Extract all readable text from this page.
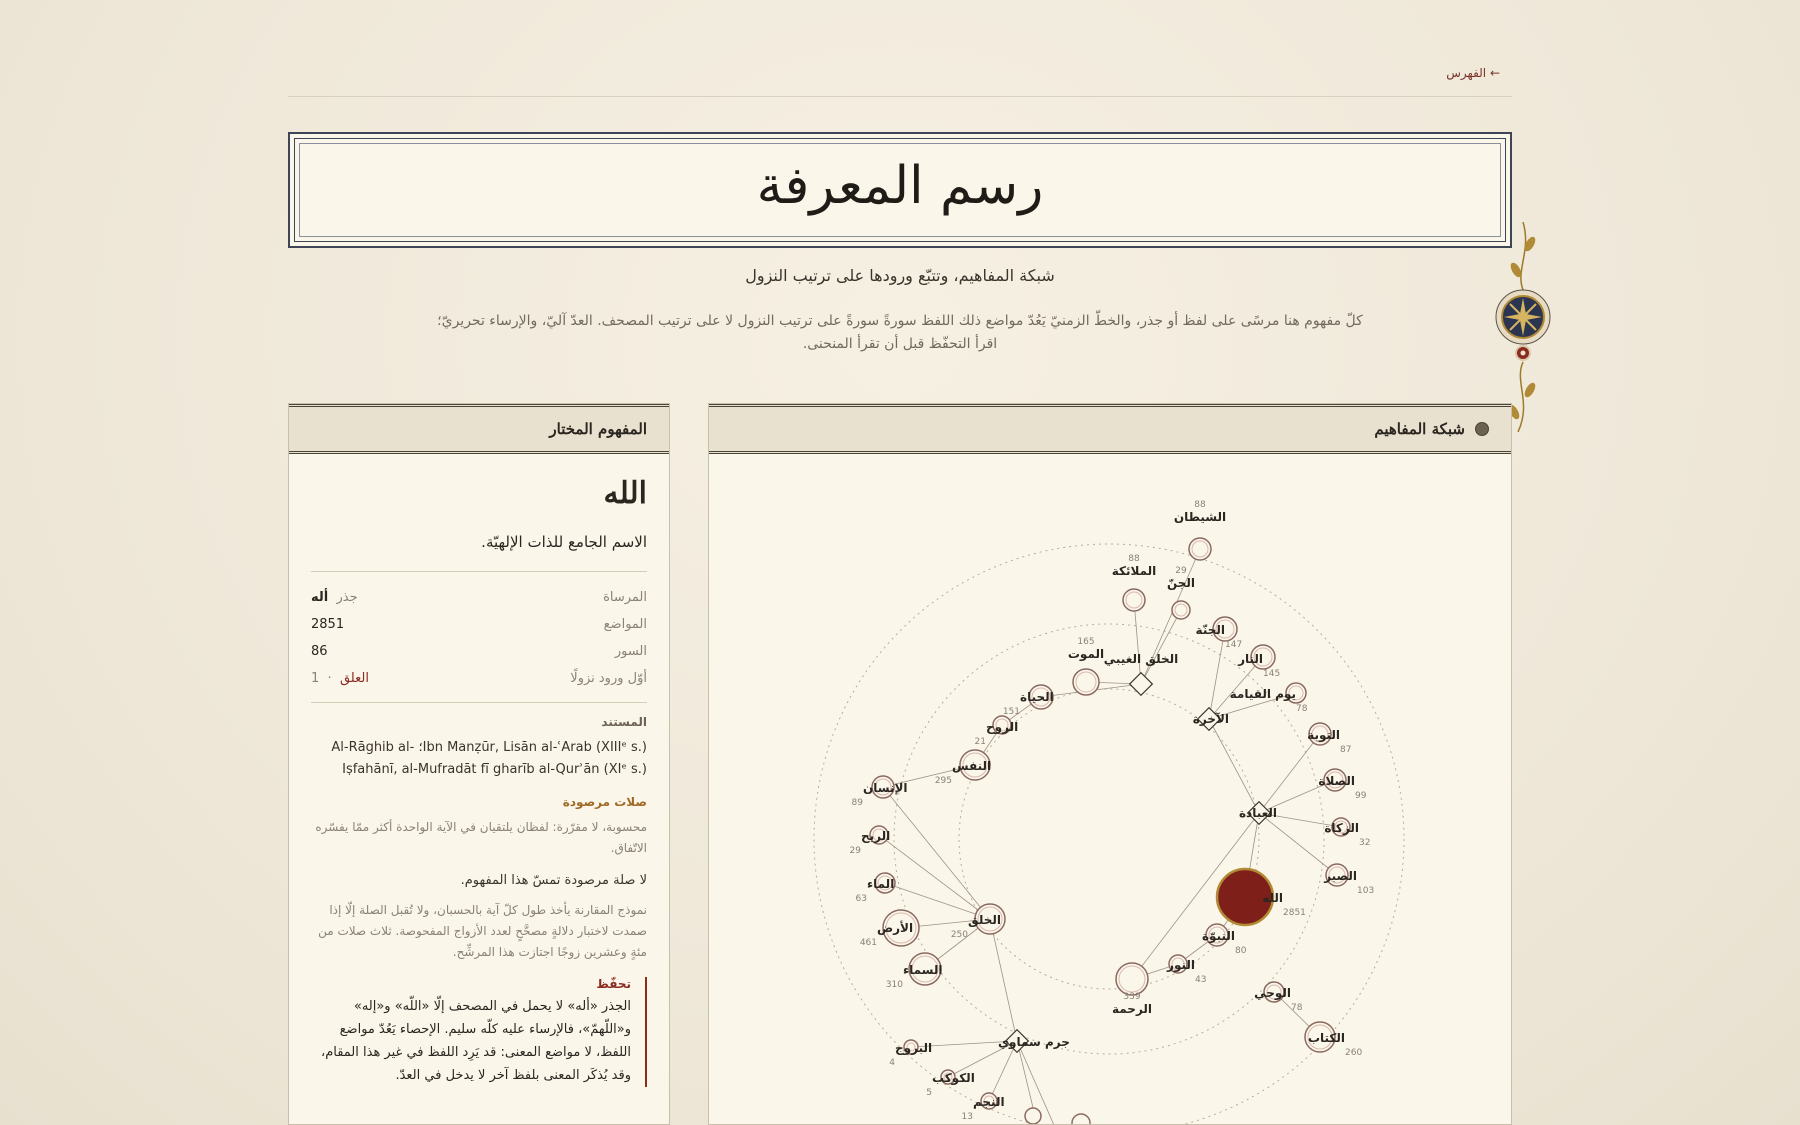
← الفهرس
رسم المعرفة
شبكة المفاهيم، وتتبّع ورودها على ترتيب النزول
كلّ مفهوم هنا مرسًى على لفظ أو جذر، والخطّ الزمنيّ يَعُدّ مواضع ذلك اللفظ سورةً سورةً على ترتيب النزول لا على ترتيب المصحف. العدّ آليّ، والإرساء تحريريّ؛
اقرأ التحفّظ قبل أن تقرأ المنحنى.
المفهوم المختار
الله
الاسم الجامع للذات الإلهيّة.
المرساة
جذر  أله
المواضع
2851
السور
86
أوّل ورود نزولًا
1 · العلق
المستند
Al-Rāghib al- ؛Ibn Manẓūr, Lisān al-ʿArab (XIIIᵉ s.)
Iṣfahānī, al-Mufradāt fī gharīb al-Qurʾān (XIᵉ s.)
صلات مرصودة
محسوبة، لا مقرّرة: لفظان يلتقيان في الآية الواحدة أكثر ممّا يفسّره الاتّفاق.
لا صلة مرصودة تمسّ هذا المفهوم.
نموذج المقارنة يأخذ طول كلّ آية بالحسبان، ولا تُقبل الصلة إلّا إذا صمدت لاختبار دلالةٍ مصحَّحٍ لعدد الأزواج المفحوصة. ثلاث صلات من مئةٍ وعشرين زوجًا اجتازت هذا المرشِّح.
تحفّظ
الجذر «أله» لا يحمل في المصحف إلّا «اللّه» و«إله» و«اللّهمّ»، فالإرساء عليه كلّه سليم. الإحصاء يَعُدّ مواضع اللفظ، لا مواضع المعنى: قد يَرِد اللفظ في غير هذا المقام، وقد يُذكَر المعنى بلفظ آخر لا يدخل في العدّ.
شبكة المفاهيم
الخلق الغيبي
الآخرة
العبادة
جرم سماوي
الشيطان
88
الملائكة
88
الجنّ
29
الجنّة
147
النار
145
يوم القيامة
78
الموت
165
الحياة
151
الروح
21
النفس
295
الإنسان
89
الريح
29
الماء
63
الأرض
461
السماء
310
الخلق
250
التوبة
87
الصلاة
99
الزكاة
32
الصبر
103
الله
2851
النبوّة
80
النور
43
الرحمة
339	الوحي
78
الكتاب
260
البروج
4
الكوكب
5
النجم
13
